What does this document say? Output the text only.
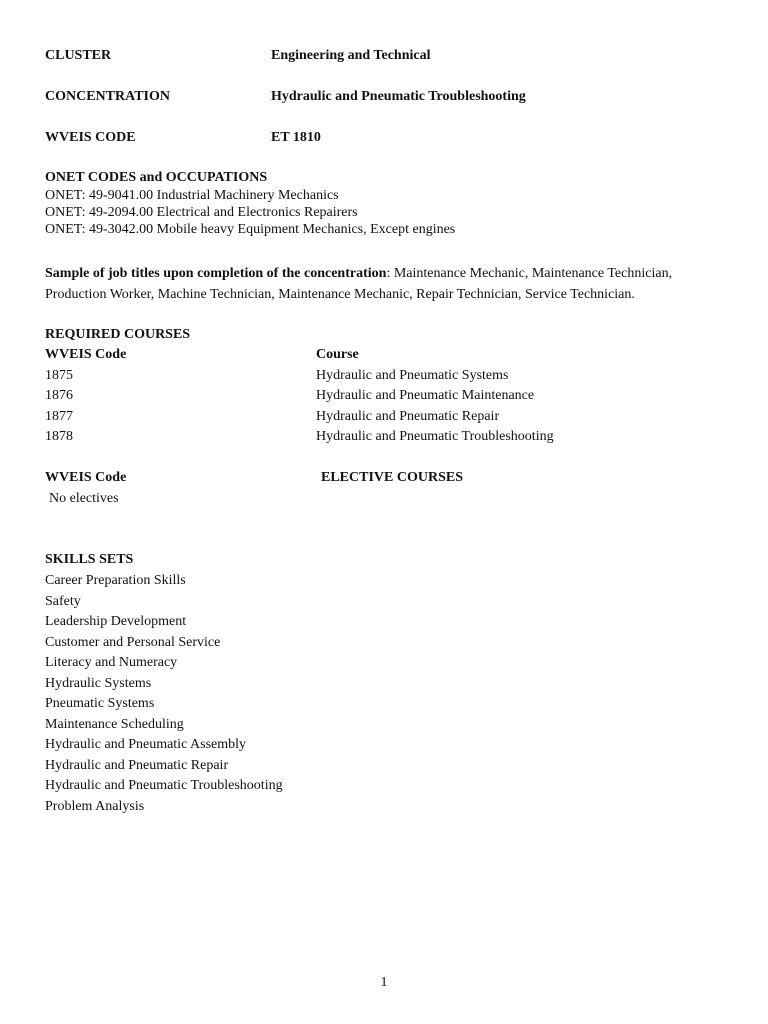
CLUSTER	Engineering and Technical
CONCENTRATION	Hydraulic and Pneumatic Troubleshooting
WVEIS CODE	ET 1810
ONET CODES and OCCUPATIONS
ONET: 49-9041.00 Industrial Machinery Mechanics
ONET: 49-2094.00 Electrical and Electronics Repairers
ONET: 49-3042.00 Mobile heavy Equipment Mechanics, Except engines
Sample of job titles upon completion of the concentration: Maintenance Mechanic, Maintenance Technician,
Production Worker, Machine Technician, Maintenance Mechanic, Repair Technician, Service Technician.
REQUIRED COURSES
WVEIS Code	Course
1875	Hydraulic and Pneumatic Systems
1876	Hydraulic and Pneumatic Maintenance
1877	Hydraulic and Pneumatic Repair
1878	Hydraulic and Pneumatic Troubleshooting
WVEIS Code	ELECTIVE COURSES
No electives
SKILLS SETS
Career Preparation Skills
Safety
Leadership Development
Customer and Personal Service
Literacy and Numeracy
Hydraulic Systems
Pneumatic Systems
Maintenance Scheduling
Hydraulic and Pneumatic Assembly
Hydraulic and Pneumatic Repair
Hydraulic and Pneumatic Troubleshooting
Problem Analysis
1
